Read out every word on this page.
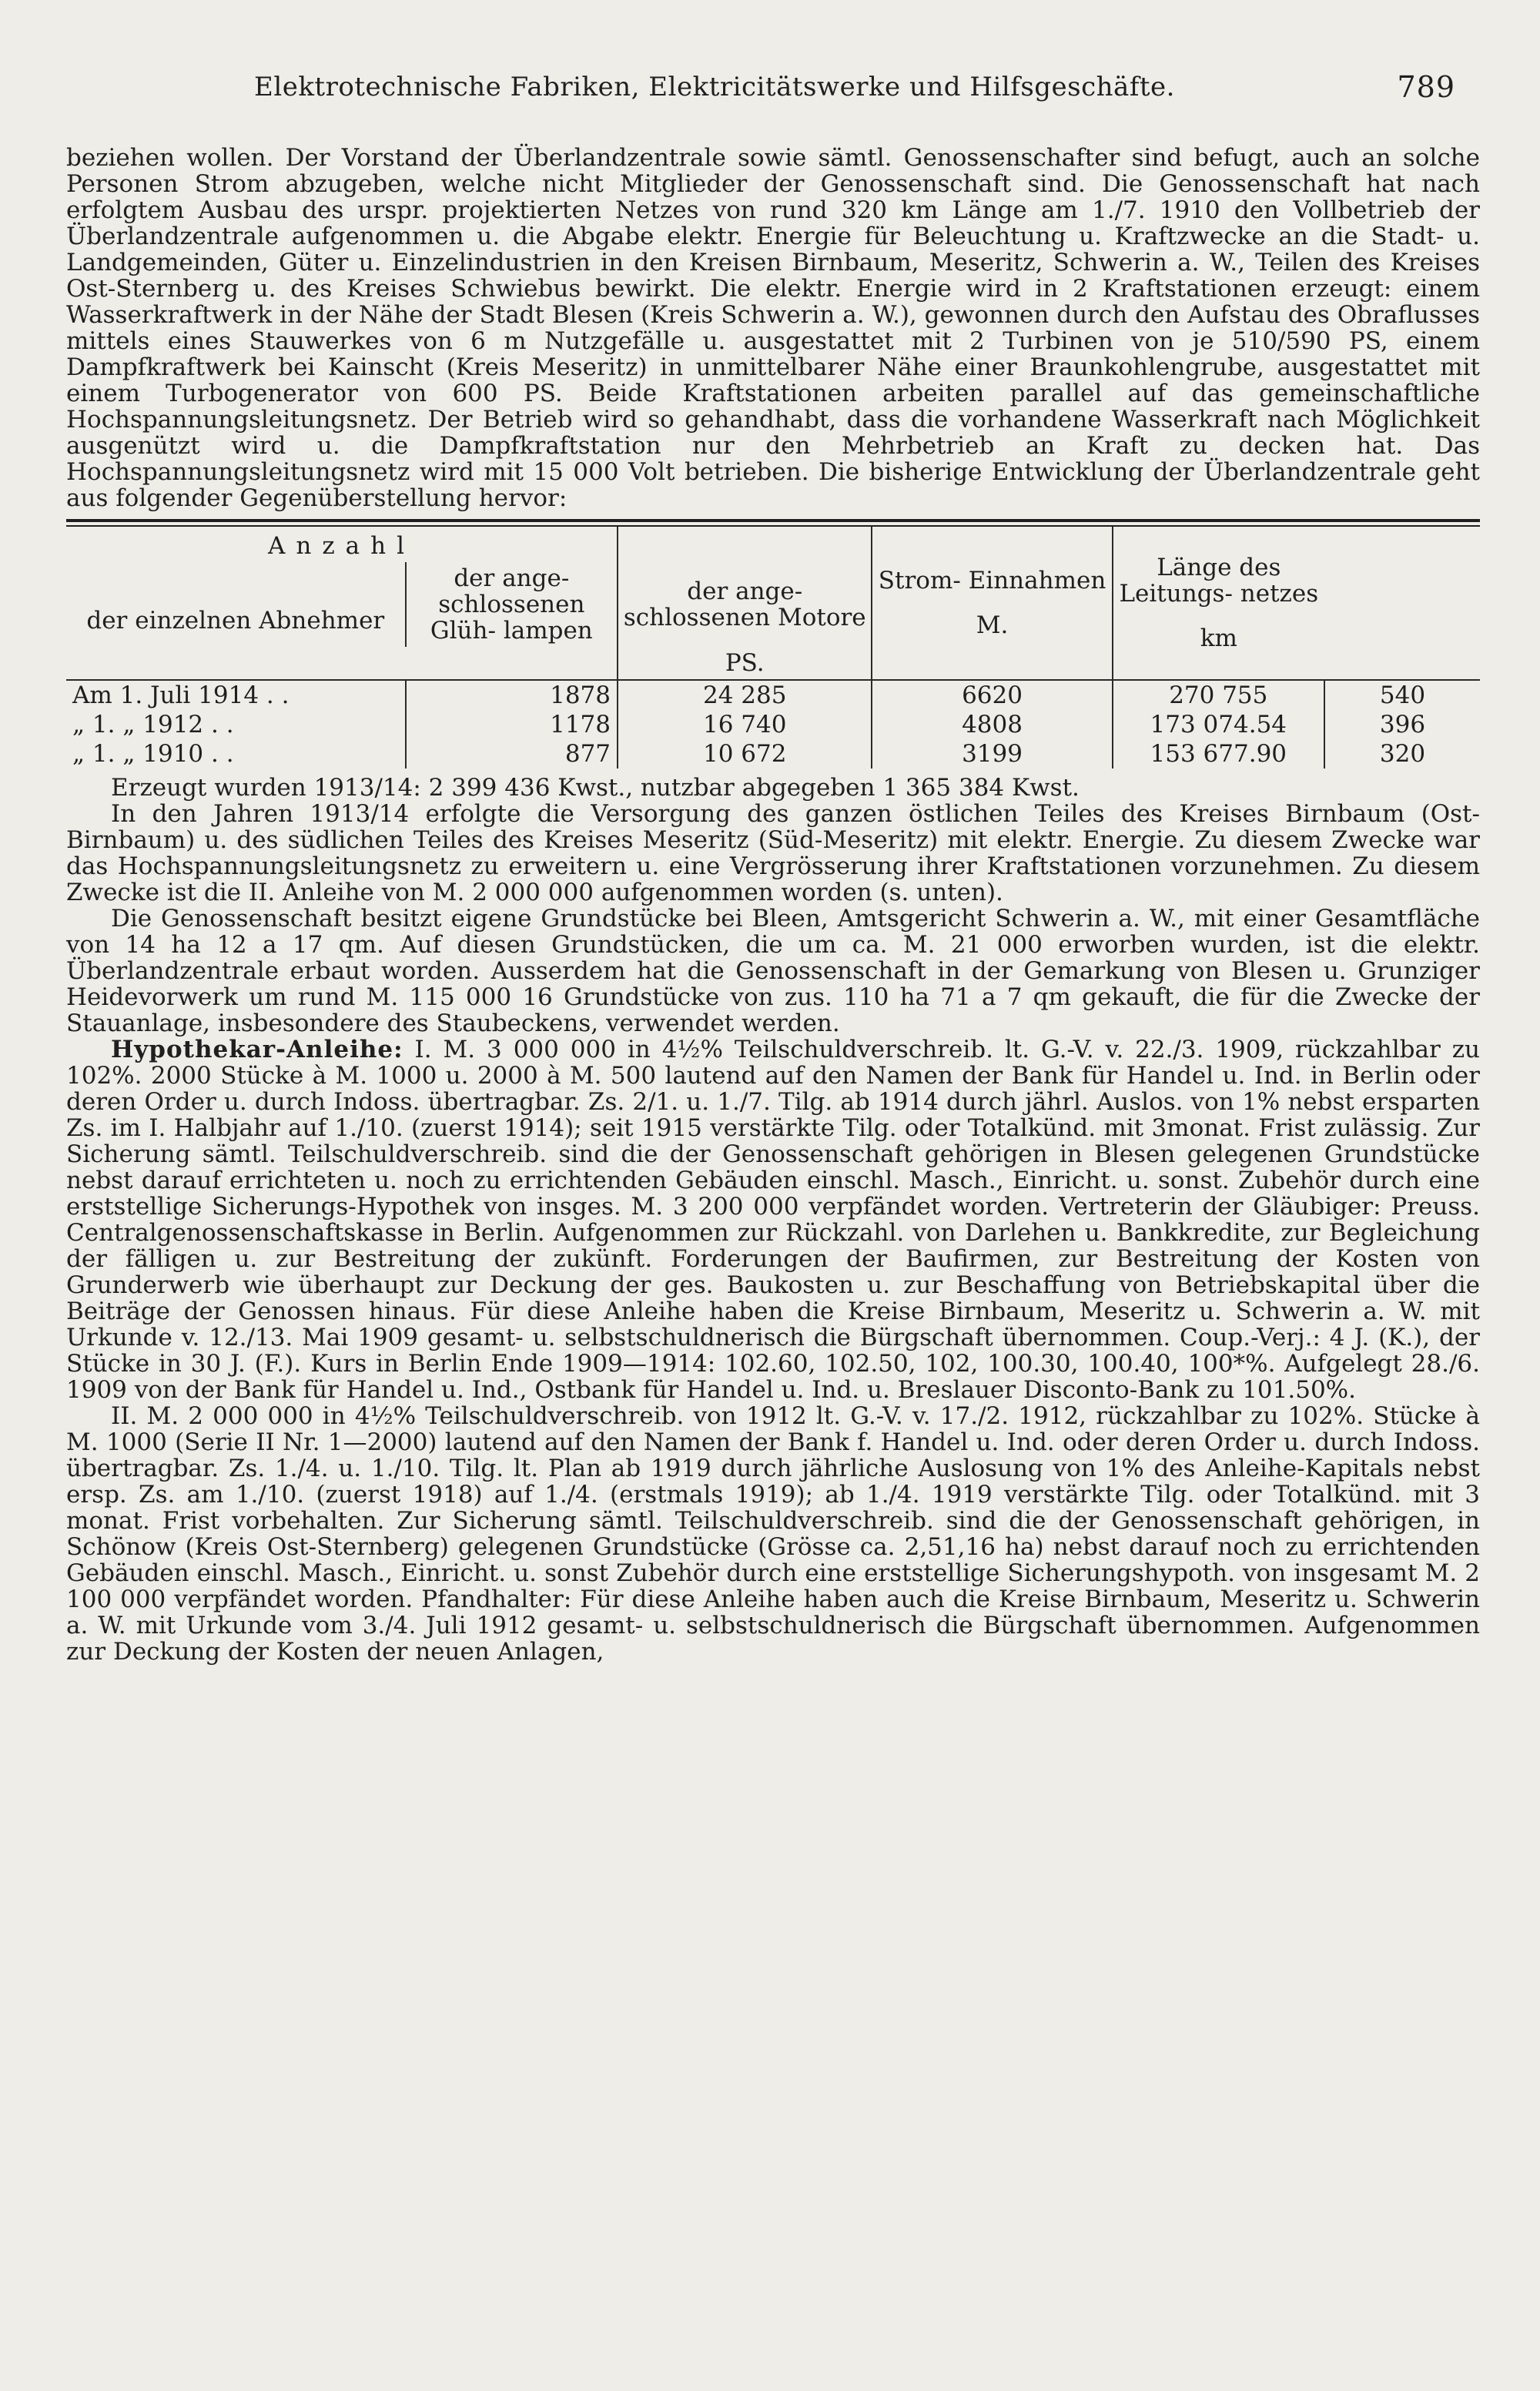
Elektrotechnische Fabriken, Elektricitätswerke und Hilfsgeschäfte.	789

beziehen wollen. Der Vorstand der Überlandzentrale sowie sämtl. Genossenschafter sind befugt, auch an solche Personen Strom abzugeben, welche nicht Mitglieder der Genossenschaft sind. Die Genossenschaft hat nach erfolgtem Ausbau des urspr. projektierten Netzes von rund 320 km Länge am 1./7. 1910 den Vollbetrieb der Überlandzentrale aufgenommen u. die Abgabe elektr. Energie für Beleuchtung u. Kraftzwecke an die Stadt- u. Landgemeinden, Güter u. Einzelindustrien in den Kreisen Birnbaum, Meseritz, Schwerin a. W., Teilen des Kreises Ost-Sternberg u. des Kreises Schwiebus bewirkt. Die elektr. Energie wird in 2 Kraftstationen erzeugt: einem Wasserkraftwerk in der Nähe der Stadt Blesen (Kreis Schwerin a. W.), gewonnen durch den Aufstau des Obraflusses mittels eines Stauwerkes von 6 m Nutzgefälle u. ausgestattet mit 2 Turbinen von je 510/590 PS, einem Dampfkraftwerk bei Kainscht (Kreis Meseritz) in unmittelbarer Nähe einer Braunkohlengrube, ausgestattet mit einem Turbogenerator von 600 PS. Beide Kraftstationen arbeiten parallel auf das gemeinschaftliche Hochspannungsleitungsnetz. Der Betrieb wird so gehandhabt, dass die vorhandene Wasserkraft nach Möglichkeit ausgenützt wird u. die Dampfkraftstation nur den Mehrbetrieb an Kraft zu decken hat. Das Hochspannungsleitungsnetz wird mit 15 000 Volt betrieben. Die bisherige Entwicklung der Überlandzentrale geht aus folgender Gegenüberstellung hervor:

Anzahl			Strom- Einnahmen
M.	Länge des Leitungs- netzes
km	

der einzelnen Abnehmer	der ange- schlossenen Glüh- lampen	der ange- schlossenen Motore			
		PS.			
Am 1. Juli 1914 . .	1878	24 285	6620	270 755	540
„ 1. „ 1912 . .	1178	16 740	4808	173 074.54	396
„ 1. „ 1910 . .	877	10 672	3199	153 677.90	320

Erzeugt wurden 1913/14: 2 399 436 Kwst., nutzbar abgegeben 1 365 384 Kwst.

In den Jahren 1913/14 erfolgte die Versorgung des ganzen östlichen Teiles des Kreises Birnbaum (Ost-Birnbaum) u. des südlichen Teiles des Kreises Meseritz (Süd-Meseritz) mit elektr. Energie. Zu diesem Zwecke war das Hochspannungsleitungsnetz zu erweitern u. eine Vergrösserung ihrer Kraftstationen vorzunehmen. Zu diesem Zwecke ist die II. Anleihe von M. 2 000 000 aufgenommen worden (s. unten).

Die Genossenschaft besitzt eigene Grundstücke bei Bleen, Amtsgericht Schwerin a. W., mit einer Gesamtfläche von 14 ha 12 a 17 qm. Auf diesen Grundstücken, die um ca. M. 21 000 erworben wurden, ist die elektr. Überlandzentrale erbaut worden. Ausserdem hat die Genossenschaft in der Gemarkung von Blesen u. Grunziger Heidevorwerk um rund M. 115 000 16 Grundstücke von zus. 110 ha 71 a 7 qm gekauft, die für die Zwecke der Stauanlage, insbesondere des Staubeckens, verwendet werden.

Hypothekar-Anleihe: I. M. 3 000 000 in 4½% Teilschuldverschreib. lt. G.-V. v. 22./3. 1909, rückzahlbar zu 102%. 2000 Stücke à M. 1000 u. 2000 à M. 500 lautend auf den Namen der Bank für Handel u. Ind. in Berlin oder deren Order u. durch Indoss. übertragbar. Zs. 2/1. u. 1./7. Tilg. ab 1914 durch jährl. Auslos. von 1% nebst ersparten Zs. im I. Halbjahr auf 1./10. (zuerst 1914); seit 1915 verstärkte Tilg. oder Totalkünd. mit 3monat. Frist zulässig. Zur Sicherung sämtl. Teilschuldverschreib. sind die der Genossenschaft gehörigen in Blesen gelegenen Grundstücke nebst darauf errichteten u. noch zu errichtenden Gebäuden einschl. Masch., Einricht. u. sonst. Zubehör durch eine erststellige Sicherungs-Hypothek von insges. M. 3 200 000 verpfändet worden. Vertreterin der Gläubiger: Preuss. Centralgenossenschaftskasse in Berlin. Aufgenommen zur Rückzahl. von Darlehen u. Bankkredite, zur Begleichung der fälligen u. zur Bestreitung der zukünft. Forderungen der Baufirmen, zur Bestreitung der Kosten von Grunderwerb wie überhaupt zur Deckung der ges. Baukosten u. zur Beschaffung von Betriebskapital über die Beiträge der Genossen hinaus. Für diese Anleihe haben die Kreise Birnbaum, Meseritz u. Schwerin a. W. mit Urkunde v. 12./13. Mai 1909 gesamt- u. selbstschuldnerisch die Bürgschaft übernommen. Coup.-Verj.: 4 J. (K.), der Stücke in 30 J. (F.). Kurs in Berlin Ende 1909—1914: 102.60, 102.50, 102, 100.30, 100.40, 100*%. Aufgelegt 28./6. 1909 von der Bank für Handel u. Ind., Ostbank für Handel u. Ind. u. Breslauer Disconto-Bank zu 101.50%.

II. M. 2 000 000 in 4½% Teilschuldverschreib. von 1912 lt. G.-V. v. 17./2. 1912, rückzahlbar zu 102%. Stücke à M. 1000 (Serie II Nr. 1—2000) lautend auf den Namen der Bank f. Handel u. Ind. oder deren Order u. durch Indoss. übertragbar. Zs. 1./4. u. 1./10. Tilg. lt. Plan ab 1919 durch jährliche Auslosung von 1% des Anleihe-Kapitals nebst ersp. Zs. am 1./10. (zuerst 1918) auf 1./4. (erstmals 1919); ab 1./4. 1919 verstärkte Tilg. oder Totalkünd. mit 3 monat. Frist vorbehalten. Zur Sicherung sämtl. Teilschuldverschreib. sind die der Genossenschaft gehörigen, in Schönow (Kreis Ost-Sternberg) gelegenen Grundstücke (Grösse ca. 2,51,16 ha) nebst darauf noch zu errichtenden Gebäuden einschl. Masch., Einricht. u. sonst Zubehör durch eine erststellige Sicherungshypoth. von insgesamt M. 2 100 000 verpfändet worden. Pfandhalter: Für diese Anleihe haben auch die Kreise Birnbaum, Meseritz u. Schwerin a. W. mit Urkunde vom 3./4. Juli 1912 gesamt- u. selbstschuldnerisch die Bürgschaft übernommen. Aufgenommen zur Deckung der Kosten der neuen Anlagen,
